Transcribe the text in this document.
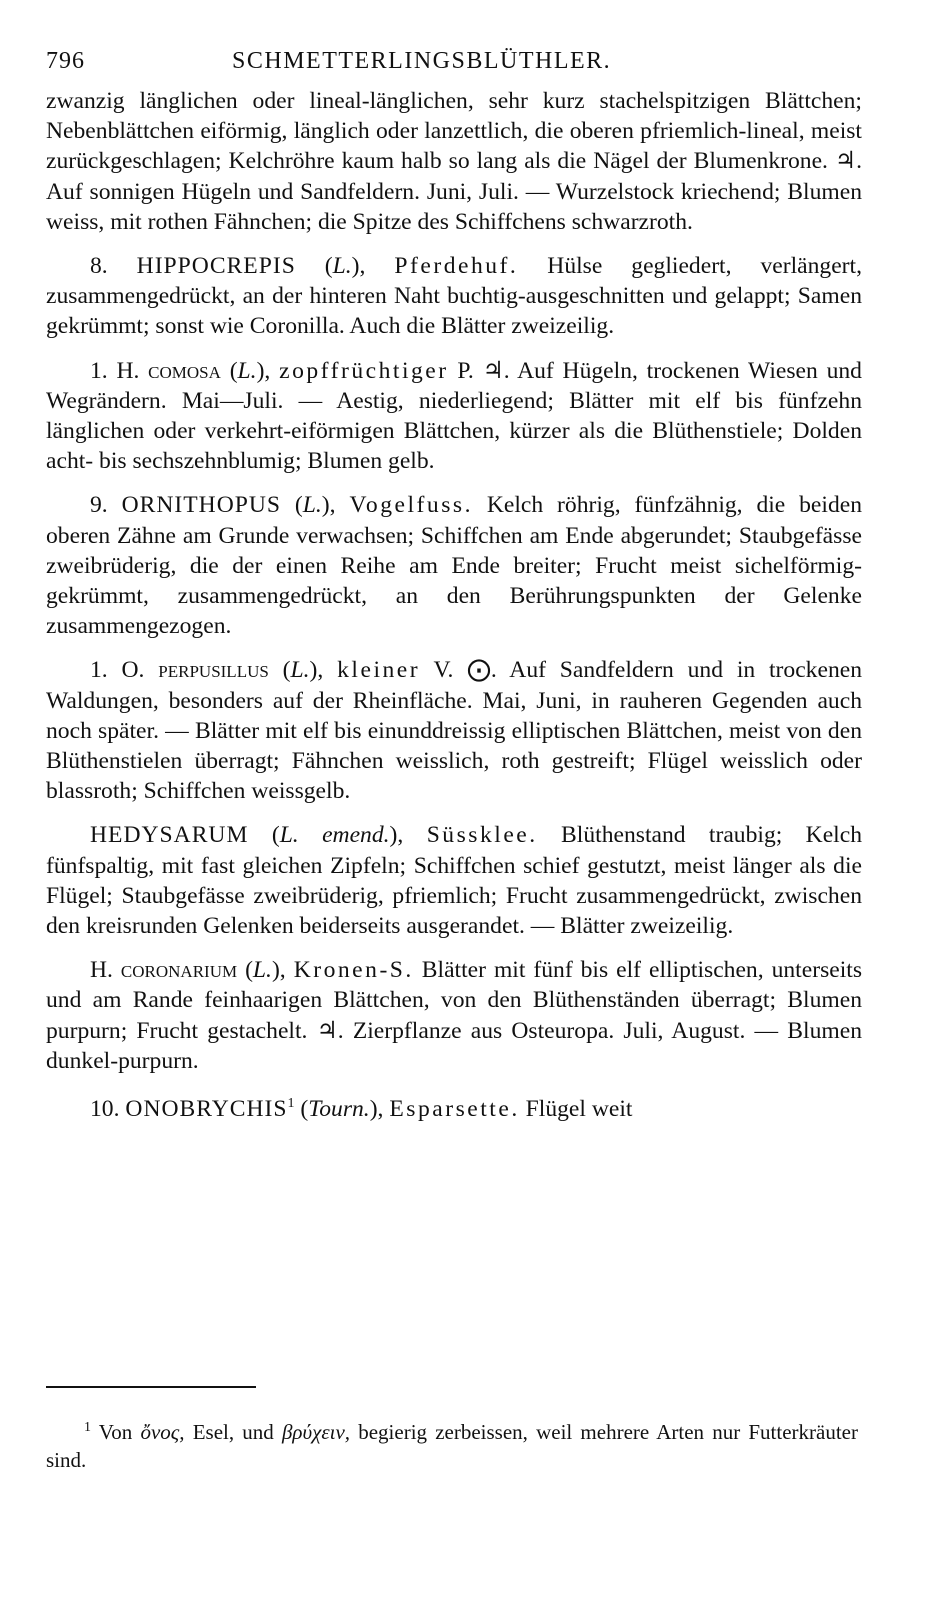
796	SCHMETTERLINGSBLÜTHLER.

zwanzig länglichen oder lineal-länglichen, sehr kurz stachelspitzigen Blättchen; Nebenblättchen eiförmig, länglich oder lanzettlich, die oberen pfriemlich-lineal, meist zurückgeschlagen; Kelchröhre kaum halb so lang als die Nägel der Blumenkrone. ♃. Auf sonnigen Hügeln und Sandfeldern. Juni, Juli. — Wurzelstock kriechend; Blumen weiss, mit rothen Fähnchen; die Spitze des Schiffchens schwarzroth.

8. HIPPOCREPIS (L.), Pferdehuf. Hülse gegliedert, verlängert, zusammengedrückt, an der hinteren Naht buchtig-ausgeschnitten und gelappt; Samen gekrümmt; sonst wie Coronilla. Auch die Blätter zweizeilig.

1. H. comosa (L.), zopffrüchtiger P. ♃. Auf Hügeln, trockenen Wiesen und Wegrändern. Mai—Juli. — Aestig, niederliegend; Blätter mit elf bis fünfzehn länglichen oder verkehrt-eiförmigen Blättchen, kürzer als die Blüthenstiele; Dolden acht- bis sechszehnblumig; Blumen gelb.

9. ORNITHOPUS (L.), Vogelfuss. Kelch röhrig, fünfzähnig, die beiden oberen Zähne am Grunde verwachsen; Schiffchen am Ende abgerundet; Staubgefässe zweibrüderig, die der einen Reihe am Ende breiter; Frucht meist sichelförmig-gekrümmt, zusammengedrückt, an den Berührungspunkten der Gelenke zusammengezogen.

1. O. perpusillus (L.), kleiner V. ⨀. Auf Sandfeldern und in trockenen Waldungen, besonders auf der Rheinfläche. Mai, Juni, in rauheren Gegenden auch noch später. — Blätter mit elf bis einunddreissig elliptischen Blättchen, meist von den Blüthenstielen überragt; Fähnchen weisslich, roth gestreift; Flügel weisslich oder blassroth; Schiffchen weissgelb.

HEDYSARUM (L. emend.), Süssklee. Blüthenstand traubig; Kelch fünfspaltig, mit fast gleichen Zipfeln; Schiffchen schief gestutzt, meist länger als die Flügel; Staubgefässe zweibrüderig, pfriemlich; Frucht zusammengedrückt, zwischen den kreisrunden Gelenken beiderseits ausgerandet. — Blätter zweizeilig.

H. coronarium (L.), Kronen-S. Blätter mit fünf bis elf elliptischen, unterseits und am Rande feinhaarigen Blättchen, von den Blüthenständen überragt; Blumen purpurn; Frucht gestachelt. ♃. Zierpflanze aus Osteuropa. Juli, August. — Blumen dunkel-purpurn.

10. ONOBRYCHIS$^1$ (Tourn.), Esparsette. Flügel weit

$^1$ Von ὄνος, Esel, und βρύχειν, begierig zerbeissen, weil mehrere Arten nur Futterkräuter sind.
